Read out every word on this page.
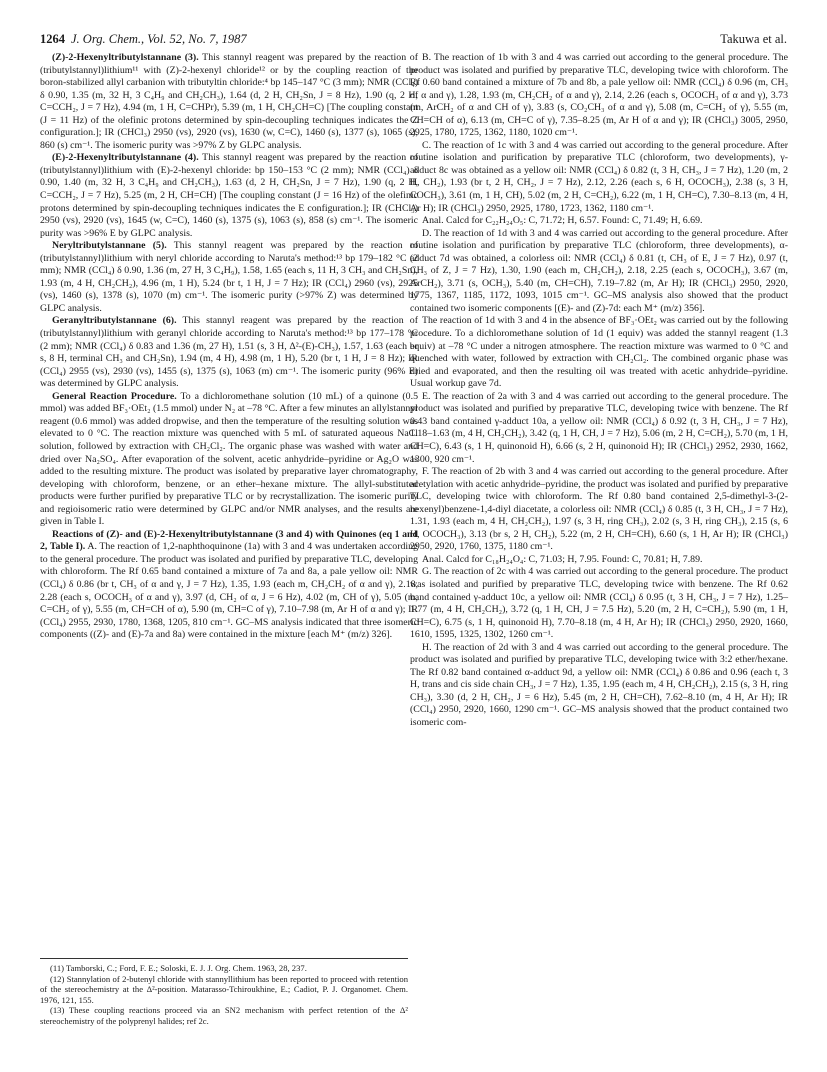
1264 J. Org. Chem., Vol. 52, No. 7, 1987	Takuwa et al.

(Z)-2-Hexenyltributylstannane (3). This stannyl reagent was prepared by the reaction of (tributylstannyl)lithium¹¹ with (Z)-2-hexenyl chloride¹² or by the coupling reaction of the boron-stabilized allyl carbanion with tributyltin chloride:⁴ bp 145–147 °C (3 mm); NMR (CCl₄) δ 0.90, 1.35 (m, 32 H, 3 C₄H₉ and CH₂CH₃), 1.64 (d, 2 H, CH₂Sn, J = 8 Hz), 1.90 (q, 2 H, C=CCH₂, J = 7 Hz), 4.94 (m, 1 H, C=CHPr), 5.39 (m, 1 H, CH₂CH=C) [The coupling constant (J = 11 Hz) of the olefinic protons determined by spin-decoupling techniques indicates the Z configuration.]; IR (CHCl₃) 2950 (vs), 2920 (vs), 1630 (w, C=C), 1460 (s), 1377 (s), 1065 (s), 860 (s) cm⁻¹. The isomeric purity was >97% Z by GLPC analysis.

(E)-2-Hexenyltributylstannane (4). This stannyl reagent was prepared by the reaction of (tributylstannyl)lithium with (E)-2-hexenyl chloride: bp 150–153 °C (2 mm); NMR (CCl₄) δ 0.90, 1.40 (m, 32 H, 3 C₄H₉ and CH₂CH₃), 1.63 (d, 2 H, CH₂Sn, J = 7 Hz), 1.90 (q, 2 H, C=CCH₂, J = 7 Hz), 5.25 (m, 2 H, CH=CH) [The coupling constant (J = 16 Hz) of the olefinic protons determined by spin-decoupling techniques indicates the E configuration.]; IR (CHCl₃) 2950 (vs), 2920 (vs), 1645 (w, C=C), 1460 (s), 1375 (s), 1063 (s), 858 (s) cm⁻¹. The isomeric purity was >96% E by GLPC analysis.

Neryltributylstannane (5). This stannyl reagent was prepared by the reaction of (tributylstannyl)lithium with neryl chloride according to Naruta's method:¹³ bp 179–182 °C (2 mm); NMR (CCl₄) δ 0.90, 1.36 (m, 27 H, 3 C₄H₉), 1.58, 1.65 (each s, 11 H, 3 CH₃ and CH₂Sn), 1.93 (m, 4 H, CH₂CH₂), 4.96 (m, 1 H), 5.24 (br t, 1 H, J = 7 Hz); IR (CCl₄) 2960 (vs), 2925 (vs), 1460 (s), 1378 (s), 1070 (m) cm⁻¹. The isomeric purity (>97% Z) was determined by GLPC analysis.

Geranyltributylstannane (6). This stannyl reagent was prepared by the reaction of (tributylstannyl)lithium with geranyl chloride according to Naruta's method:¹³ bp 177–178 °C (2 mm); NMR (CCl₄) δ 0.83 and 1.36 (m, 27 H), 1.51 (s, 3 H, Δ²-(E)-CH₃), 1.57, 1.63 (each br s, 8 H, terminal CH₃ and CH₂Sn), 1.94 (m, 4 H), 4.98 (m, 1 H), 5.20 (br t, 1 H, J = 8 Hz); IR (CCl₄) 2955 (vs), 2930 (vs), 1455 (s), 1375 (s), 1063 (m) cm⁻¹. The isomeric purity (96% E) was determined by GLPC analysis.

General Reaction Procedure. To a dichloromethane solution (10 mL) of a quinone (0.5 mmol) was added BF₃·OEt₂ (1.5 mmol) under N₂ at –78 °C. After a few minutes an allylstannyl reagent (0.6 mmol) was added dropwise, and then the temperature of the resulting solution was elevated to 0 °C. The reaction mixture was quenched with 5 mL of saturated aqueous NaCl solution, followed by extraction with CH₂Cl₂. The organic phase was washed with water and dried over Na₂SO₄. After evaporation of the solvent, acetic anhydride–pyridine or Ag₂O was added to the resulting mixture. The product was isolated by preparative layer chromatography, developing with chloroform, benzene, or an ether–hexane mixture. The allyl-substituted products were further purified by preparative TLC or by recrystallization. The isomeric purity and regioisomeric ratio were determined by GLPC and/or NMR analyses, and the results are given in Table I.

Reactions of (Z)- and (E)-2-Hexenyltributylstannane (3 and 4) with Quinones (eq 1 and 2, Table I). A. The reaction of 1,2-naphthoquinone (1a) with 3 and 4 was undertaken according to the general procedure. The product was isolated and purified by preparative TLC, developing with chloroform. The Rf 0.65 band contained a mixture of 7a and 8a, a pale yellow oil: NMR (CCl₄) δ 0.86 (br t, CH₃ of α and γ, J = 7 Hz), 1.35, 1.93 (each m, CH₂CH₂ of α and γ), 2.18, 2.28 (each s, OCOCH₃ of α and γ), 3.97 (d, CH₂ of α, J = 6 Hz), 4.02 (m, CH of γ), 5.05 (m, C=CH₂ of γ), 5.55 (m, CH=CH of α), 5.90 (m, CH=C of γ), 7.10–7.98 (m, Ar H of α and γ); IR (CCl₄) 2955, 2930, 1780, 1368, 1205, 810 cm⁻¹. GC–MS analysis indicated that three isomeric components ((Z)- and (E)-7a and 8a) were contained in the mixture [each M⁺ (m/z) 326].

B. The reaction of 1b with 3 and 4 was carried out according to the general procedure. The product was isolated and purified by preparative TLC, developing twice with chloroform. The Rf 0.60 band contained a mixture of 7b and 8b, a pale yellow oil: NMR (CCl₄) δ 0.96 (m, CH₃ of α and γ), 1.28, 1.93 (m, CH₂CH₂ of α and γ), 2.14, 2.26 (each s, OCOCH₃ of α and γ), 3.73 (m, ArCH₂ of α and CH of γ), 3.83 (s, CO₂CH₃ of α and γ), 5.08 (m, C=CH₂ of γ), 5.55 (m, CH=CH of α), 6.13 (m, CH=C of γ), 7.35–8.25 (m, Ar H of α and γ); IR (CHCl₃) 3005, 2950, 2925, 1780, 1725, 1362, 1180, 1020 cm⁻¹.

C. The reaction of 1c with 3 and 4 was carried out according to the general procedure. After routine isolation and purification by preparative TLC (chloroform, two developments), γ-adduct 8c was obtained as a yellow oil: NMR (CCl₄) δ 0.82 (t, 3 H, CH₃, J = 7 Hz), 1.20 (m, 2 H, CH₂), 1.93 (br t, 2 H, CH₂, J = 7 Hz), 2.12, 2.26 (each s, 6 H, OCOCH₃), 2.38 (s, 3 H, COCH₃), 3.61 (m, 1 H, CH), 5.02 (m, 2 H, C=CH₂), 6.22 (m, 1 H, CH=C), 7.30–8.13 (m, 4 H, Ar H); IR (CHCl₃) 2950, 2925, 1780, 1723, 1362, 1180 cm⁻¹.

Anal. Calcd for C₂₂H₂₄O₅: C, 71.72; H, 6.57. Found: C, 71.49; H, 6.69.

D. The reaction of 1d with 3 and 4 was carried out according to the general procedure. After routine isolation and purification by preparative TLC (chloroform, three developments), α-adduct 7d was obtained, a colorless oil: NMR (CCl₄) δ 0.81 (t, CH₃ of E, J = 7 Hz), 0.97 (t, CH₃ of Z, J = 7 Hz), 1.30, 1.90 (each m, CH₂CH₂), 2.18, 2.25 (each s, OCOCH₃), 3.67 (m, ArCH₂), 3.71 (s, OCH₃), 5.40 (m, CH=CH), 7.19–7.82 (m, Ar H); IR (CHCl₃) 2950, 2920, 1775, 1367, 1185, 1172, 1093, 1015 cm⁻¹. GC–MS analysis also showed that the product contained two isomeric components [(E)- and (Z)-7d: each M⁺ (m/z) 356].

The reaction of 1d with 3 and 4 in the absence of BF₃·OEt₂ was carried out by the following procedure. To a dichloromethane solution of 1d (1 equiv) was added the stannyl reagent (1.3 equiv) at –78 °C under a nitrogen atmosphere. The reaction mixture was warmed to 0 °C and quenched with water, followed by extraction with CH₂Cl₂. The combined organic phase was dried and evaporated, and then the resulting oil was treated with acetic anhydride–pyridine. Usual workup gave 7d.

E. The reaction of 2a with 3 and 4 was carried out according to the general procedure. The product was isolated and purified by preparative TLC, developing twice with benzene. The Rf 0.43 band contained γ-adduct 10a, a yellow oil: NMR (CCl₄) δ 0.92 (t, 3 H, CH₃, J = 7 Hz), 1.18–1.63 (m, 4 H, CH₂CH₂), 3.42 (q, 1 H, CH, J = 7 Hz), 5.06 (m, 2 H, C=CH₂), 5.70 (m, 1 H, CH=C), 6.43 (s, 1 H, quinonoid H), 6.66 (s, 2 H, quinonoid H); IR (CHCl₃) 2952, 2930, 1662, 1300, 920 cm⁻¹.

F. The reaction of 2b with 3 and 4 was carried out according to the general procedure. After acetylation with acetic anhydride–pyridine, the product was isolated and purified by preparative TLC, developing twice with chloroform. The Rf 0.80 band contained 2,5-dimethyl-3-(2-hexenyl)benzene-1,4-diyl diacetate, a colorless oil: NMR (CCl₄) δ 0.85 (t, 3 H, CH₃, J = 7 Hz), 1.31, 1.93 (each m, 4 H, CH₂CH₂), 1.97 (s, 3 H, ring CH₃), 2.02 (s, 3 H, ring CH₃), 2.15 (s, 6 H, OCOCH₃), 3.13 (br s, 2 H, CH₂), 5.22 (m, 2 H, CH=CH), 6.60 (s, 1 H, Ar H); IR (CHCl₃) 2950, 2920, 1760, 1375, 1180 cm⁻¹.

Anal. Calcd for C₁₈H₂₄O₄: C, 71.03; H, 7.95. Found: C, 70.81; H, 7.89.

G. The reaction of 2c with 4 was carried out according to the general procedure. The product was isolated and purified by preparative TLC, developing twice with benzene. The Rf 0.62 band contained γ-adduct 10c, a yellow oil: NMR (CCl₄) δ 0.95 (t, 3 H, CH₃, J = 7 Hz), 1.25–1.77 (m, 4 H, CH₂CH₂), 3.72 (q, 1 H, CH, J = 7.5 Hz), 5.20 (m, 2 H, C=CH₂), 5.90 (m, 1 H, CH=C), 6.75 (s, 1 H, quinonoid H), 7.70–8.18 (m, 4 H, Ar H); IR (CHCl₃) 2950, 2920, 1660, 1610, 1595, 1325, 1302, 1260 cm⁻¹.

H. The reaction of 2d with 3 and 4 was carried out according to the general procedure. The product was isolated and purified by preparative TLC, developing twice with 3:2 ether/hexane. The Rf 0.82 band contained α-adduct 9d, a yellow oil: NMR (CCl₄) δ 0.86 and 0.96 (each t, 3 H, trans and cis side chain CH₃, J = 7 Hz), 1.35, 1.95 (each m, 4 H, CH₂CH₂), 2.15 (s, 3 H, ring CH₃), 3.30 (d, 2 H, CH₂, J = 6 Hz), 5.45 (m, 2 H, CH=CH), 7.62–8.10 (m, 4 H, Ar H); IR (CCl₄) 2950, 2920, 1660, 1290 cm⁻¹. GC–MS analysis showed that the product contained two isomeric com-

(11) Tamborski, C.; Ford, F. E.; Soloski, E. J. J. Org. Chem. 1963, 28, 237.

(12) Stannylation of 2-butenyl chloride with stannyllithium has been reported to proceed with retention of the stereochemistry at the Δ²-position. Matarasso-Tchiroukhine, E.; Cadiot, P. J. Organomet. Chem. 1976, 121, 155.

(13) These coupling reactions proceed via an SN2 mechanism with perfect retention of the Δ² stereochemistry of the polyprenyl halides; ref 2c.
